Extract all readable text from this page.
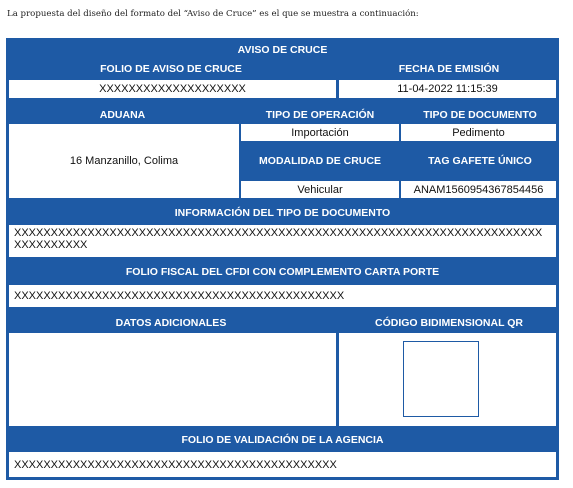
La propuesta del diseño del formato del “Aviso de Cruce” es el que se muestra a continuación:
AVISO DE CRUCE
FOLIO DE AVISO DE CRUCE	FECHA DE EMISIÓN
XXXXXXXXXXXXXXXXXXXX	11-04-2022 11:15:39
ADUANA	TIPO DE OPERACIÓN	TIPO DE DOCUMENTO
16 Manzanillo, Colima
Importación	Pedimento
MODALIDAD DE CRUCE	TAG GAFETE ÚNICO
Vehicular	ANAM1560954367854456
INFORMACIÓN DEL TIPO DE DOCUMENTO
XXXXXXXXXXXXXXXXXXXXXXXXXXXXXXXXXXXXXXXXXXXXXXXXXXXXXXXXXXXXXXXXXXXXXXXXXXXXXXXXXX
FOLIO FISCAL DEL CFDI CON COMPLEMENTO CARTA PORTE
XXXXXXXXXXXXXXXXXXXXXXXXXXXXXXXXXXXXXXXXXXXXX
DATOS ADICIONALES	CÓDIGO BIDIMENSIONAL QR
FOLIO DE VALIDACIÓN DE LA AGENCIA
XXXXXXXXXXXXXXXXXXXXXXXXXXXXXXXXXXXXXXXXXXXX
